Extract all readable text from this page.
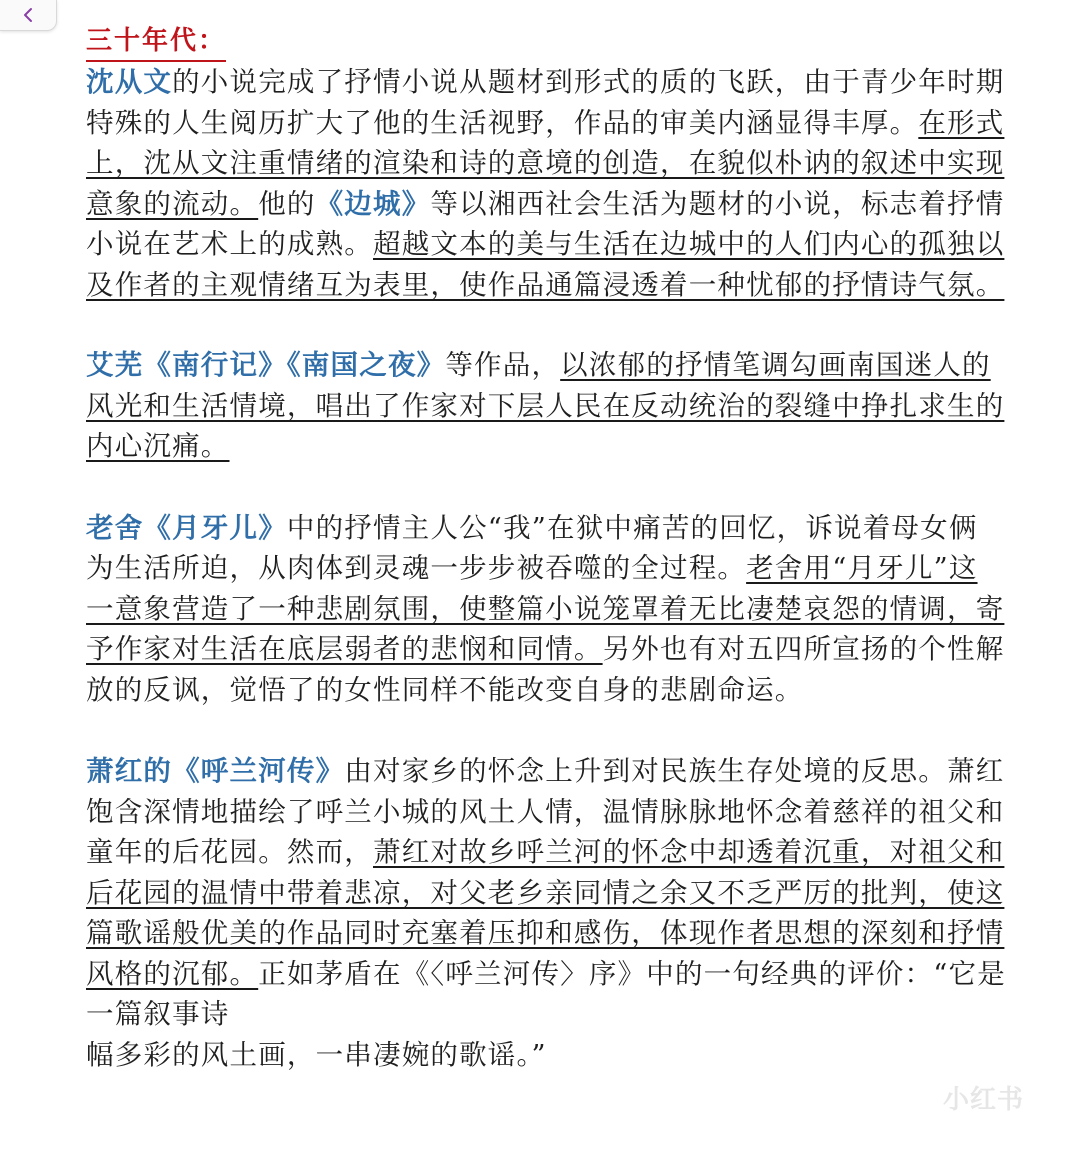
三十年代：

沈从文的小说完成了抒情小说从题材到形式的质的飞跃，由于青少年时期特殊的人生阅历扩大了他的生活视野，作品的审美内涵显得丰厚。在形式上，沈从文注重情绪的渲染和诗的意境的创造，在貌似朴讷的叙述中实现意象的流动。他的《边城》等以湘西社会生活为题材的小说，标志着抒情小说在艺术上的成熟。超越文本的美与生活在边城中的人们内心的孤独以及作者的主观情绪互为表里，使作品通篇浸透着一种忧郁的抒情诗气氛。

艾芜《南行记》《南国之夜》等作品，以浓郁的抒情笔调勾画南国迷人的风光和生活情境，唱出了作家对下层人民在反动统治的裂缝中挣扎求生的内心沉痛。

老舍《月牙儿》中的抒情主人公“我”在狱中痛苦的回忆，诉说着母女俩为生活所迫，从肉体到灵魂一步步被吞噬的全过程。老舍用“月牙儿”这一意象营造了一种悲剧氛围，使整篇小说笼罩着无比凄楚哀怨的情调，寄予作家对生活在底层弱者的悲悯和同情。另外也有对五四所宣扬的个性解放的反讽，觉悟了的女性同样不能改变自身的悲剧命运。

萧红的《呼兰河传》由对家乡的怀念上升到对民族生存处境的反思。萧红饱含深情地描绘了呼兰小城的风土人情，温情脉脉地怀念着慈祥的祖父和童年的后花园。然而，萧红对故乡呼兰河的怀念中却透着沉重，对祖父和后花园的温情中带着悲凉，对父老乡亲同情之余又不乏严厉的批判，使这篇歌谣般优美的作品同时充塞着压抑和感伤，体现作者思想的深刻和抒情风格的沉郁。正如茅盾在《〈呼兰河传〉序》中的一句经典的评价：“它是一篇叙事诗
幅多彩的风土画，一串凄婉的歌谣。”

小红书
